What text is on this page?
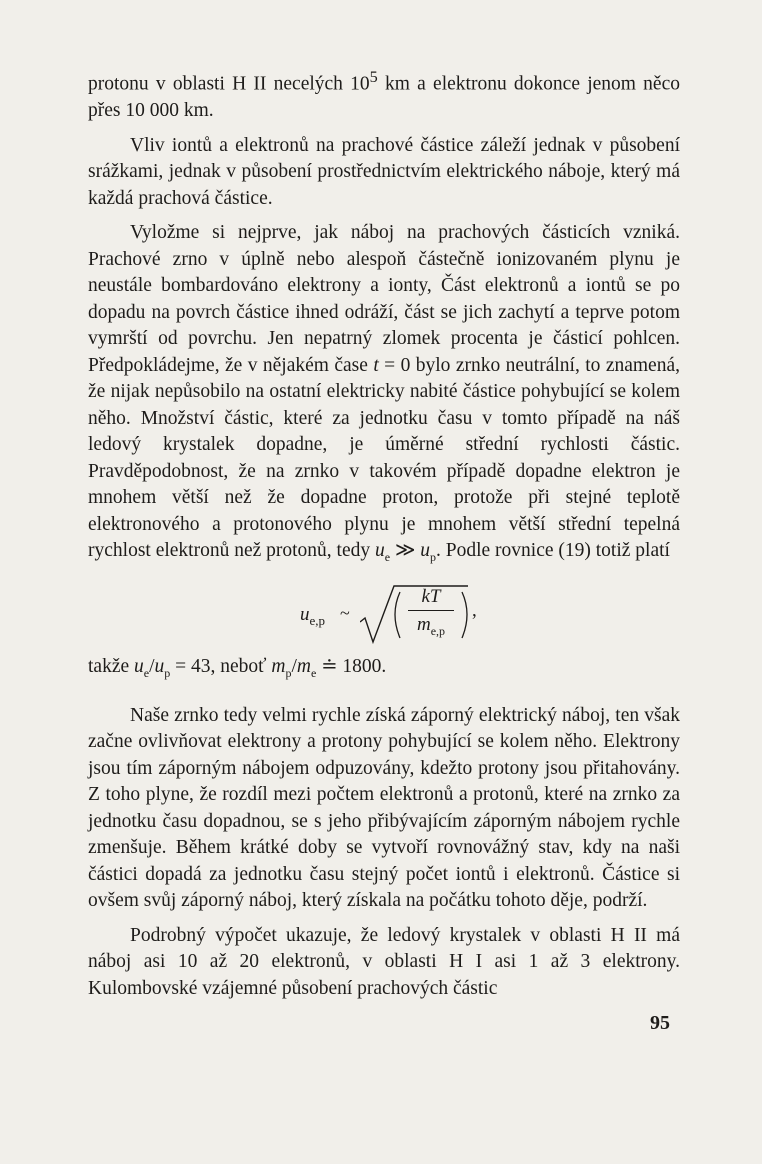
protonu v oblasti H II necelých $10^5$ km a elektronu dokonce jenom něco přes 10 000 km.

Vliv iontů a elektronů na prachové částice záleží jednak v působení srážkami, jednak v působení prostřednictvím elektrického náboje, který má každá prachová částice.

Vyložme si nejprve, jak náboj na prachových částicích vzniká. Prachové zrno v úplně nebo alespoň částečně ionizovaném plynu je neustále bombardováno elektrony a ionty, Část elektronů a iontů se po dopadu na povrch částice ihned odráží, část se jich zachytí a teprve potom vymrští od povrchu. Jen nepatrný zlomek procenta je částicí pohlcen. Předpokládejme, že v nějakém čase t = 0 bylo zrnko neutrální, to znamená, že nijak nepůsobilo na ostatní elektricky nabité částice pohybující se kolem něho. Množství částic, které za jednotku času v tomto případě na náš ledový krystalek dopadne, je úměrné střední rychlosti částic. Pravděpodobnost, že na zrnko v takovém případě dopadne elektron je mnohem větší než že dopadne proton, protože při stejné teplotě elektronového a protonového plynu je mnohem větší střední tepelná rychlost elektronů než protonů, tedy $u_e$ ≫ $u_p$. Podle rovnice (19) totiž platí

$u_{e,p}$ ~
kT
$m_{e,p}$
,

takže $u_e/u_p = 43$, neboť $m_p/m_e$ ≐ 1800.

Naše zrnko tedy velmi rychle získá záporný elektrický náboj, ten však začne ovlivňovat elektrony a protony pohybující se kolem něho. Elektrony jsou tím záporným nábojem odpuzovány, kdežto protony jsou přitahovány. Z toho plyne, že rozdíl mezi počtem elektronů a protonů, které na zrnko za jednotku času dopadnou, se s jeho přibývajícím záporným nábojem rychle zmenšuje. Během krátké doby se vytvoří rovnovážný stav, kdy na naši částici dopadá za jednotku času stejný počet iontů i elektronů. Částice si ovšem svůj záporný náboj, který získala na počátku tohoto děje, podrží.

Podrobný výpočet ukazuje, že ledový krystalek v oblasti H II má náboj asi 10 až 20 elektronů, v oblasti H I asi 1 až 3 elektrony. Kulombovské vzájemné působení prachových částic

95
